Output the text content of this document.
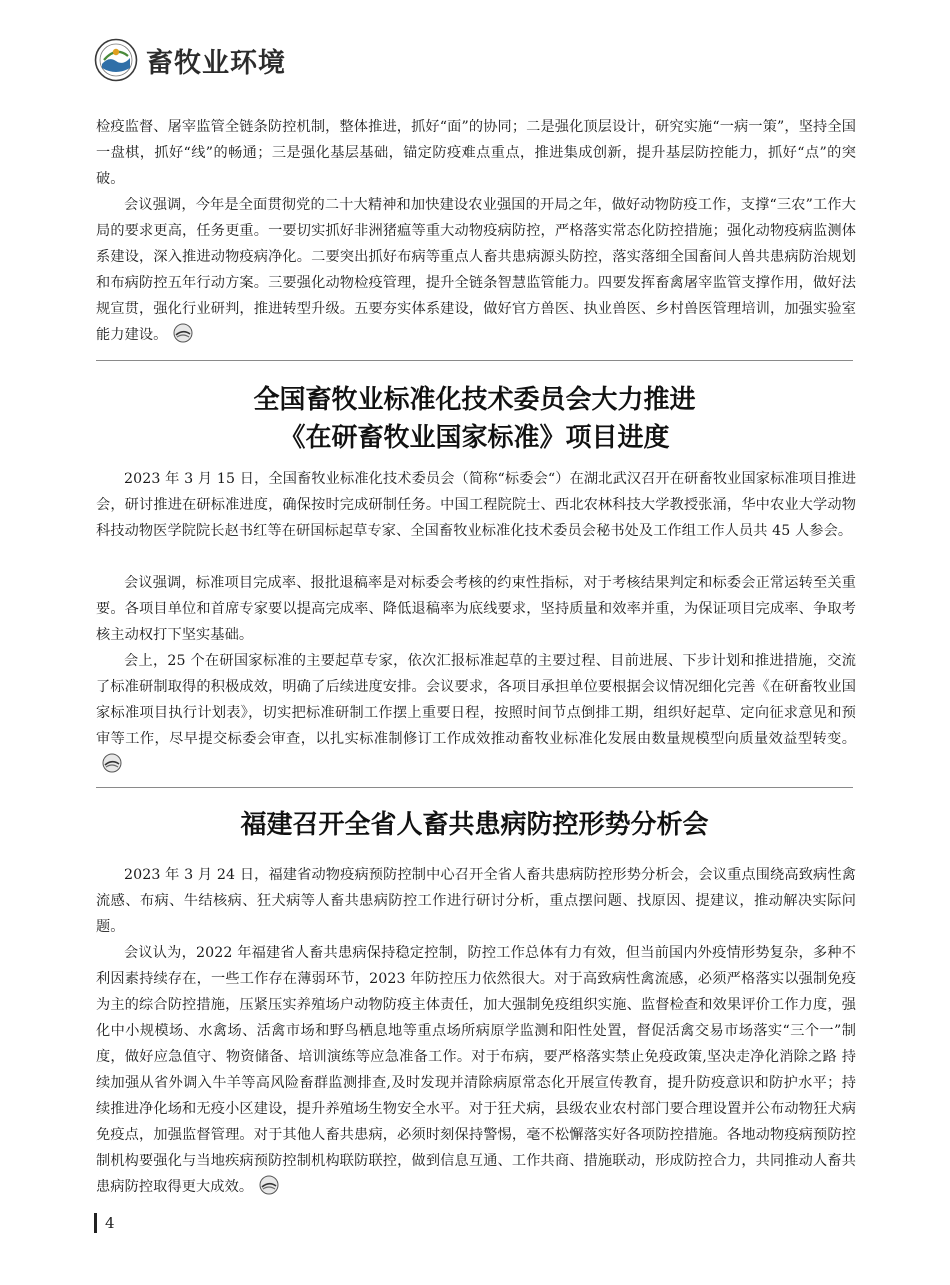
畜牧业环境

检疫监督、屠宰监管全链条防控机制，整体推进，抓好“面”的协同；二是强化顶层设计，研究实施“一病一策”，坚持全国一盘棋，抓好“线”的畅通；三是强化基层基础，锚定防疫难点重点，推进集成创新，提升基层防控能力，抓好“点”的突破。

会议强调，今年是全面贯彻党的二十大精神和加快建设农业强国的开局之年，做好动物防疫工作，支撑“三农”工作大局的要求更高，任务更重。一要切实抓好非洲猪瘟等重大动物疫病防控，严格落实常态化防控措施；强化动物疫病监测体系建设，深入推进动物疫病净化。二要突出抓好布病等重点人畜共患病源头防控，落实落细全国畜间人兽共患病防治规划和布病防控五年行动方案。三要强化动物检疫管理，提升全链条智慧监管能力。四要发挥畜禽屠宰监管支撑作用，做好法规宣贯，强化行业研判，推进转型升级。五要夯实体系建设，做好官方兽医、执业兽医、乡村兽医管理培训，加强实验室能力建设。

全国畜牧业标准化技术委员会大力推进
《在研畜牧业国家标准》项目进度

2023 年 3 月 15 日，全国畜牧业标准化技术委员会（简称“标委会“）在湖北武汉召开在研畜牧业国家标准项目推进会，研讨推进在研标准进度，确保按时完成研制任务。中国工程院院士、西北农林科技大学教授张涌，华中农业大学动物科技动物医学院院长赵书红等在研国标起草专家、全国畜牧业标准化技术委员会秘书处及工作组工作人员共 45 人参会。

会议强调，标准项目完成率、报批退稿率是对标委会考核的约束性指标，对于考核结果判定和标委会正常运转至关重要。各项目单位和首席专家要以提高完成率、降低退稿率为底线要求，坚持质量和效率并重，为保证项目完成率、争取考核主动权打下坚实基础。

会上，25 个在研国家标准的主要起草专家，依次汇报标准起草的主要过程、目前进展、下步计划和推进措施，交流了标准研制取得的积极成效，明确了后续进度安排。会议要求，各项目承担单位要根据会议情况细化完善《在研畜牧业国家标准项目执行计划表》，切实把标准研制工作摆上重要日程，按照时间节点倒排工期，组织好起草、定向征求意见和预审等工作，尽早提交标委会审查，以扎实标准制修订工作成效推动畜牧业标准化发展由数量规模型向质量效益型转变。

福建召开全省人畜共患病防控形势分析会

2023 年 3 月 24 日，福建省动物疫病预防控制中心召开全省人畜共患病防控形势分析会，会议重点围绕高致病性禽流感、布病、牛结核病、狂犬病等人畜共患病防控工作进行研讨分析，重点摆问题、找原因、提建议，推动解决实际问题。

会议认为，2022 年福建省人畜共患病保持稳定控制，防控工作总体有力有效，但当前国内外疫情形势复杂，多种不利因素持续存在，一些工作存在薄弱环节，2023 年防控压力依然很大。对于高致病性禽流感，必须严格落实以强制免疫为主的综合防控措施，压紧压实养殖场户动物防疫主体责任，加大强制免疫组织实施、监督检查和效果评价工作力度，强化中小规模场、水禽场、活禽市场和野鸟栖息地等重点场所病原学监测和阳性处置，督促活禽交易市场落实“三个一”制度，做好应急值守、物资储备、培训演练等应急准备工作。对于布病，要严格落实禁止免疫政策,坚决走净化消除之路 持续加强从省外调入牛羊等高风险畜群监测排查,及时发现并清除病原常态化开展宣传教育，提升防疫意识和防护水平；持续推进净化场和无疫小区建设，提升养殖场生物安全水平。对于狂犬病，县级农业农村部门要合理设置并公布动物狂犬病免疫点，加强监督管理。对于其他人畜共患病，必须时刻保持警惕，毫不松懈落实好各项防控措施。各地动物疫病预防控制机构要强化与当地疾病预防控制机构联防联控，做到信息互通、工作共商、措施联动，形成防控合力，共同推动人畜共患病防控取得更大成效。

4
